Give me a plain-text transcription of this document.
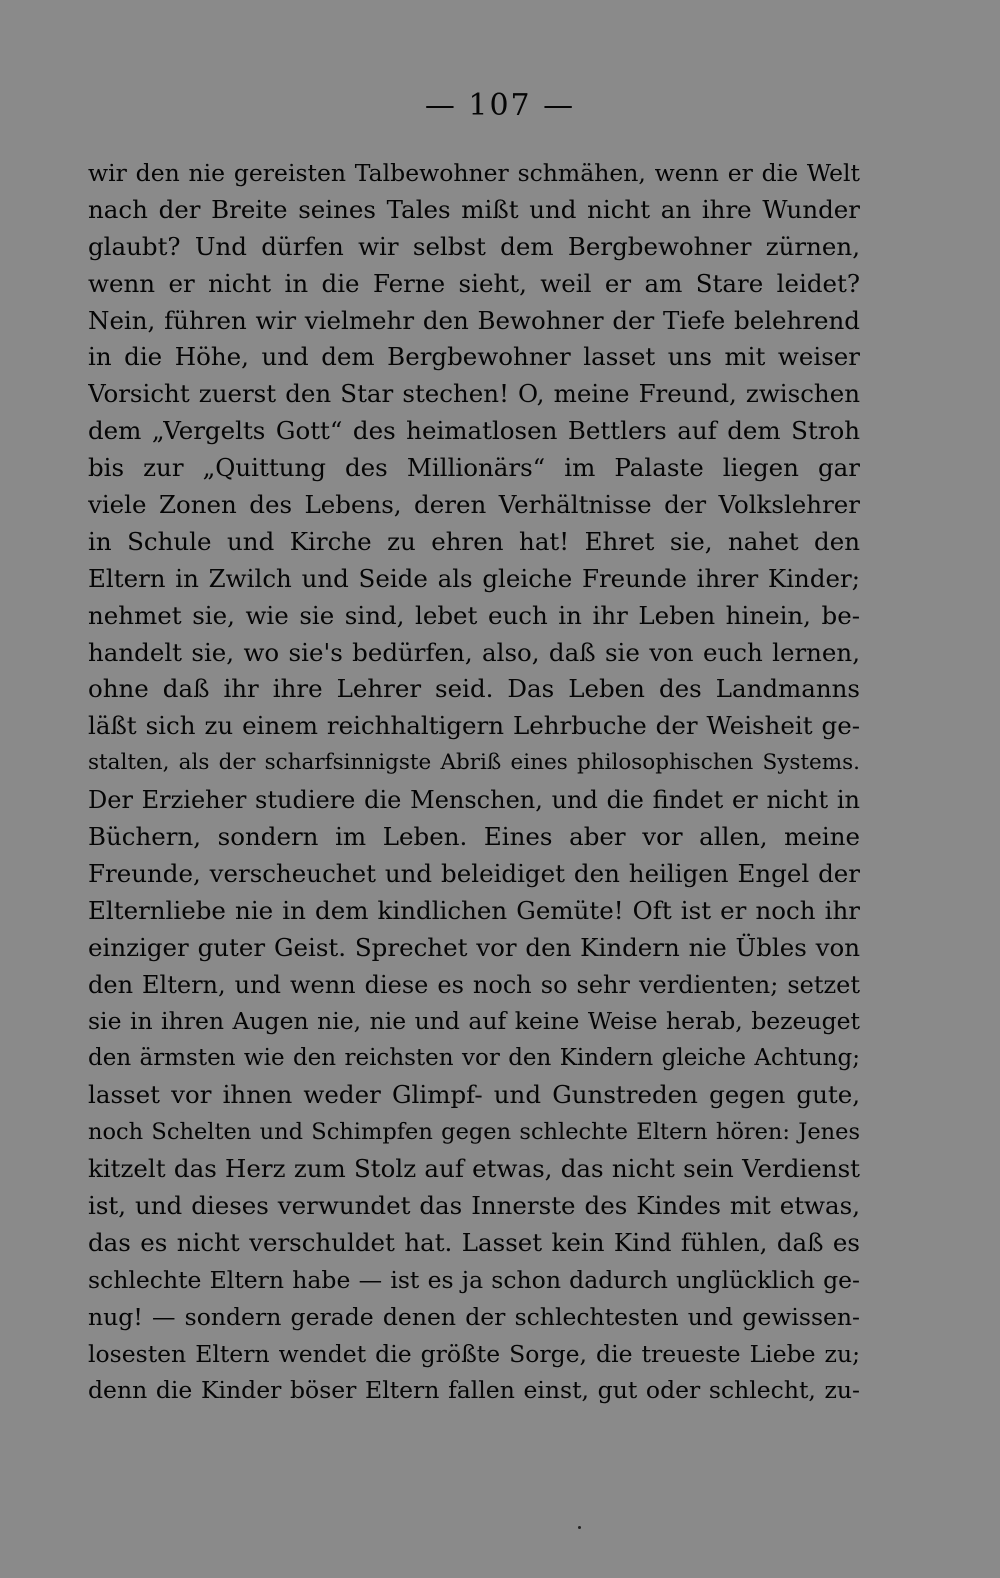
— 107 —
wir den nie gereisten Talbewohner schmähen, wenn er die Welt
nach der Breite seines Tales mißt und nicht an ihre Wunder
glaubt? Und dürfen wir selbst dem Bergbewohner zürnen,
wenn er nicht in die Ferne sieht, weil er am Stare leidet?
Nein, führen wir vielmehr den Bewohner der Tiefe belehrend
in die Höhe, und dem Bergbewohner lasset uns mit weiser
Vorsicht zuerst den Star stechen! O, meine Freund, zwischen
dem „Vergelts Gott“ des heimatlosen Bettlers auf dem Stroh
bis zur „Quittung des Millionärs“ im Palaste liegen gar
viele Zonen des Lebens, deren Verhältnisse der Volkslehrer
in Schule und Kirche zu ehren hat! Ehret sie, nahet den
Eltern in Zwilch und Seide als gleiche Freunde ihrer Kinder;
nehmet sie, wie sie sind, lebet euch in ihr Leben hinein, be-
handelt sie, wo sie's bedürfen, also, daß sie von euch lernen,
ohne daß ihr ihre Lehrer seid. Das Leben des Landmanns
läßt sich zu einem reichhaltigern Lehrbuche der Weisheit ge-
stalten, als der scharfsinnigste Abriß eines philosophischen Systems.
Der Erzieher studiere die Menschen, und die findet er nicht in
Büchern, sondern im Leben. Eines aber vor allen, meine
Freunde, verscheuchet und beleidiget den heiligen Engel der
Elternliebe nie in dem kindlichen Gemüte! Oft ist er noch ihr
einziger guter Geist. Sprechet vor den Kindern nie Übles von
den Eltern, und wenn diese es noch so sehr verdienten; setzet
sie in ihren Augen nie, nie und auf keine Weise herab, bezeuget
den ärmsten wie den reichsten vor den Kindern gleiche Achtung;
lasset vor ihnen weder Glimpf- und Gunstreden gegen gute,
noch Schelten und Schimpfen gegen schlechte Eltern hören: Jenes
kitzelt das Herz zum Stolz auf etwas, das nicht sein Verdienst
ist, und dieses verwundet das Innerste des Kindes mit etwas,
das es nicht verschuldet hat. Lasset kein Kind fühlen, daß es
schlechte Eltern habe — ist es ja schon dadurch unglücklich ge-
nug! — sondern gerade denen der schlechtesten und gewissen-
losesten Eltern wendet die größte Sorge, die treueste Liebe zu;
denn die Kinder böser Eltern fallen einst, gut oder schlecht, zu-
